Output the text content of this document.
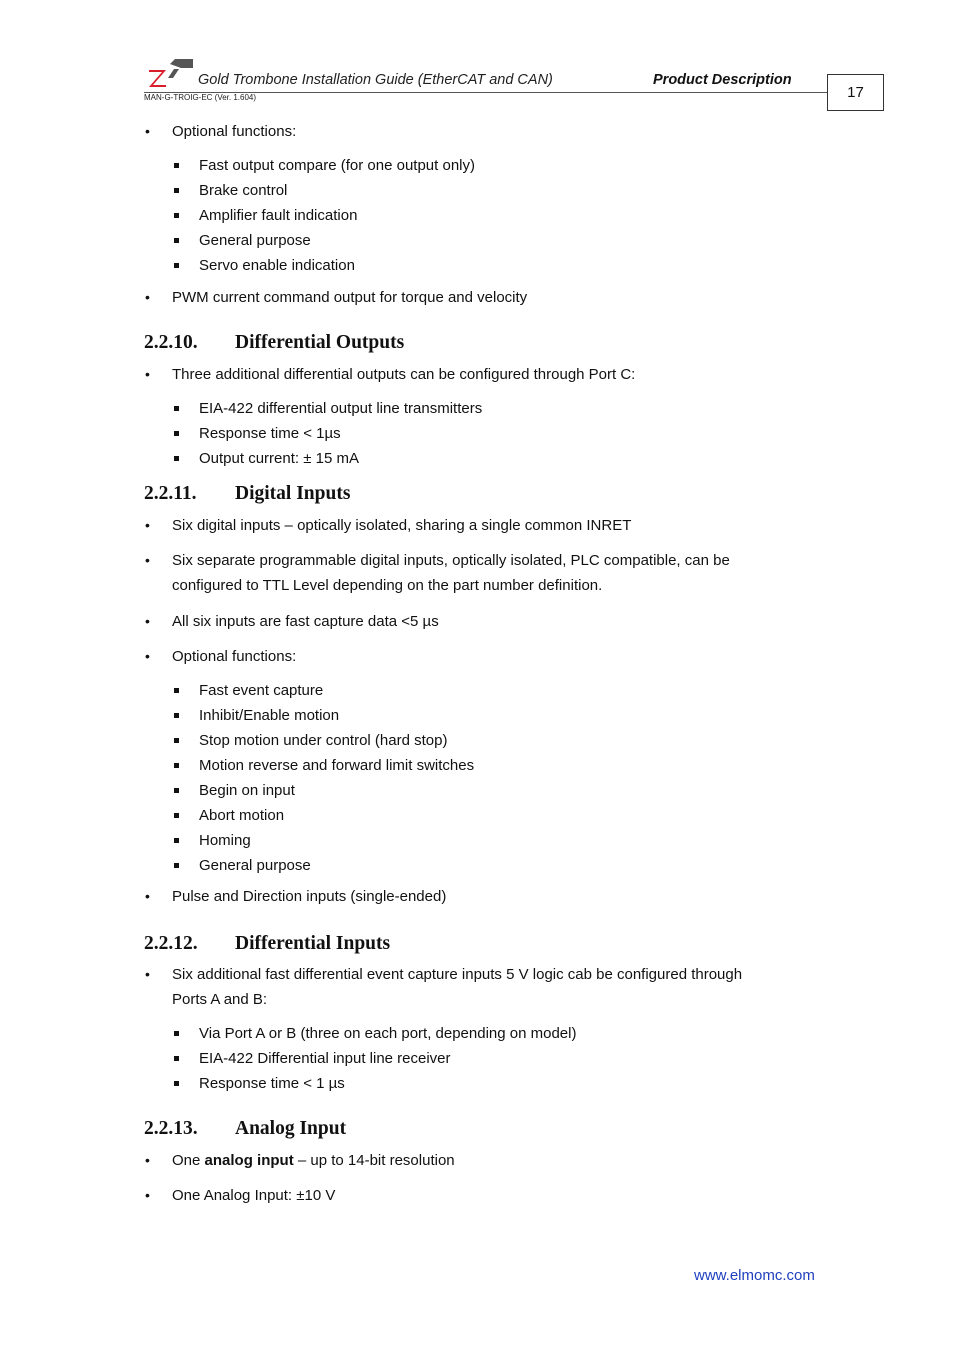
Gold Trombone Installation Guide (EtherCAT and CAN)	Product Description
MAN-G-TROIG-EC (Ver. 1.604)	17

• Optional functions:

Fast output compare (for one output only)

Brake control

Amplifier fault indication

General purpose

Servo enable indication

• PWM current command output for torque and velocity

2.2.10. Differential Outputs

• Three additional differential outputs can be configured through Port C:

EIA-422 differential output line transmitters

Response time < 1µs

Output current: ± 15 mA

2.2.11. Digital Inputs

• Six digital inputs – optically isolated, sharing a single common INRET

• Six separate programmable digital inputs, optically isolated, PLC compatible, can be
configured to TTL Level depending on the part number definition.

• All six inputs are fast capture data <5 µs

• Optional functions:

Fast event capture

Inhibit/Enable motion

Stop motion under control (hard stop)

Motion reverse and forward limit switches

Begin on input

Abort motion

Homing

General purpose

• Pulse and Direction inputs (single-ended)

2.2.12. Differential Inputs

• Six additional fast differential event capture inputs 5 V logic cab be configured through
Ports A and B:

Via Port A or B (three on each port, depending on model)

EIA-422 Differential input line receiver

Response time < 1 µs

2.2.13. Analog Input

• One analog input – up to 14-bit resolution

• One Analog Input: ±10 V

www.elmomc.com
